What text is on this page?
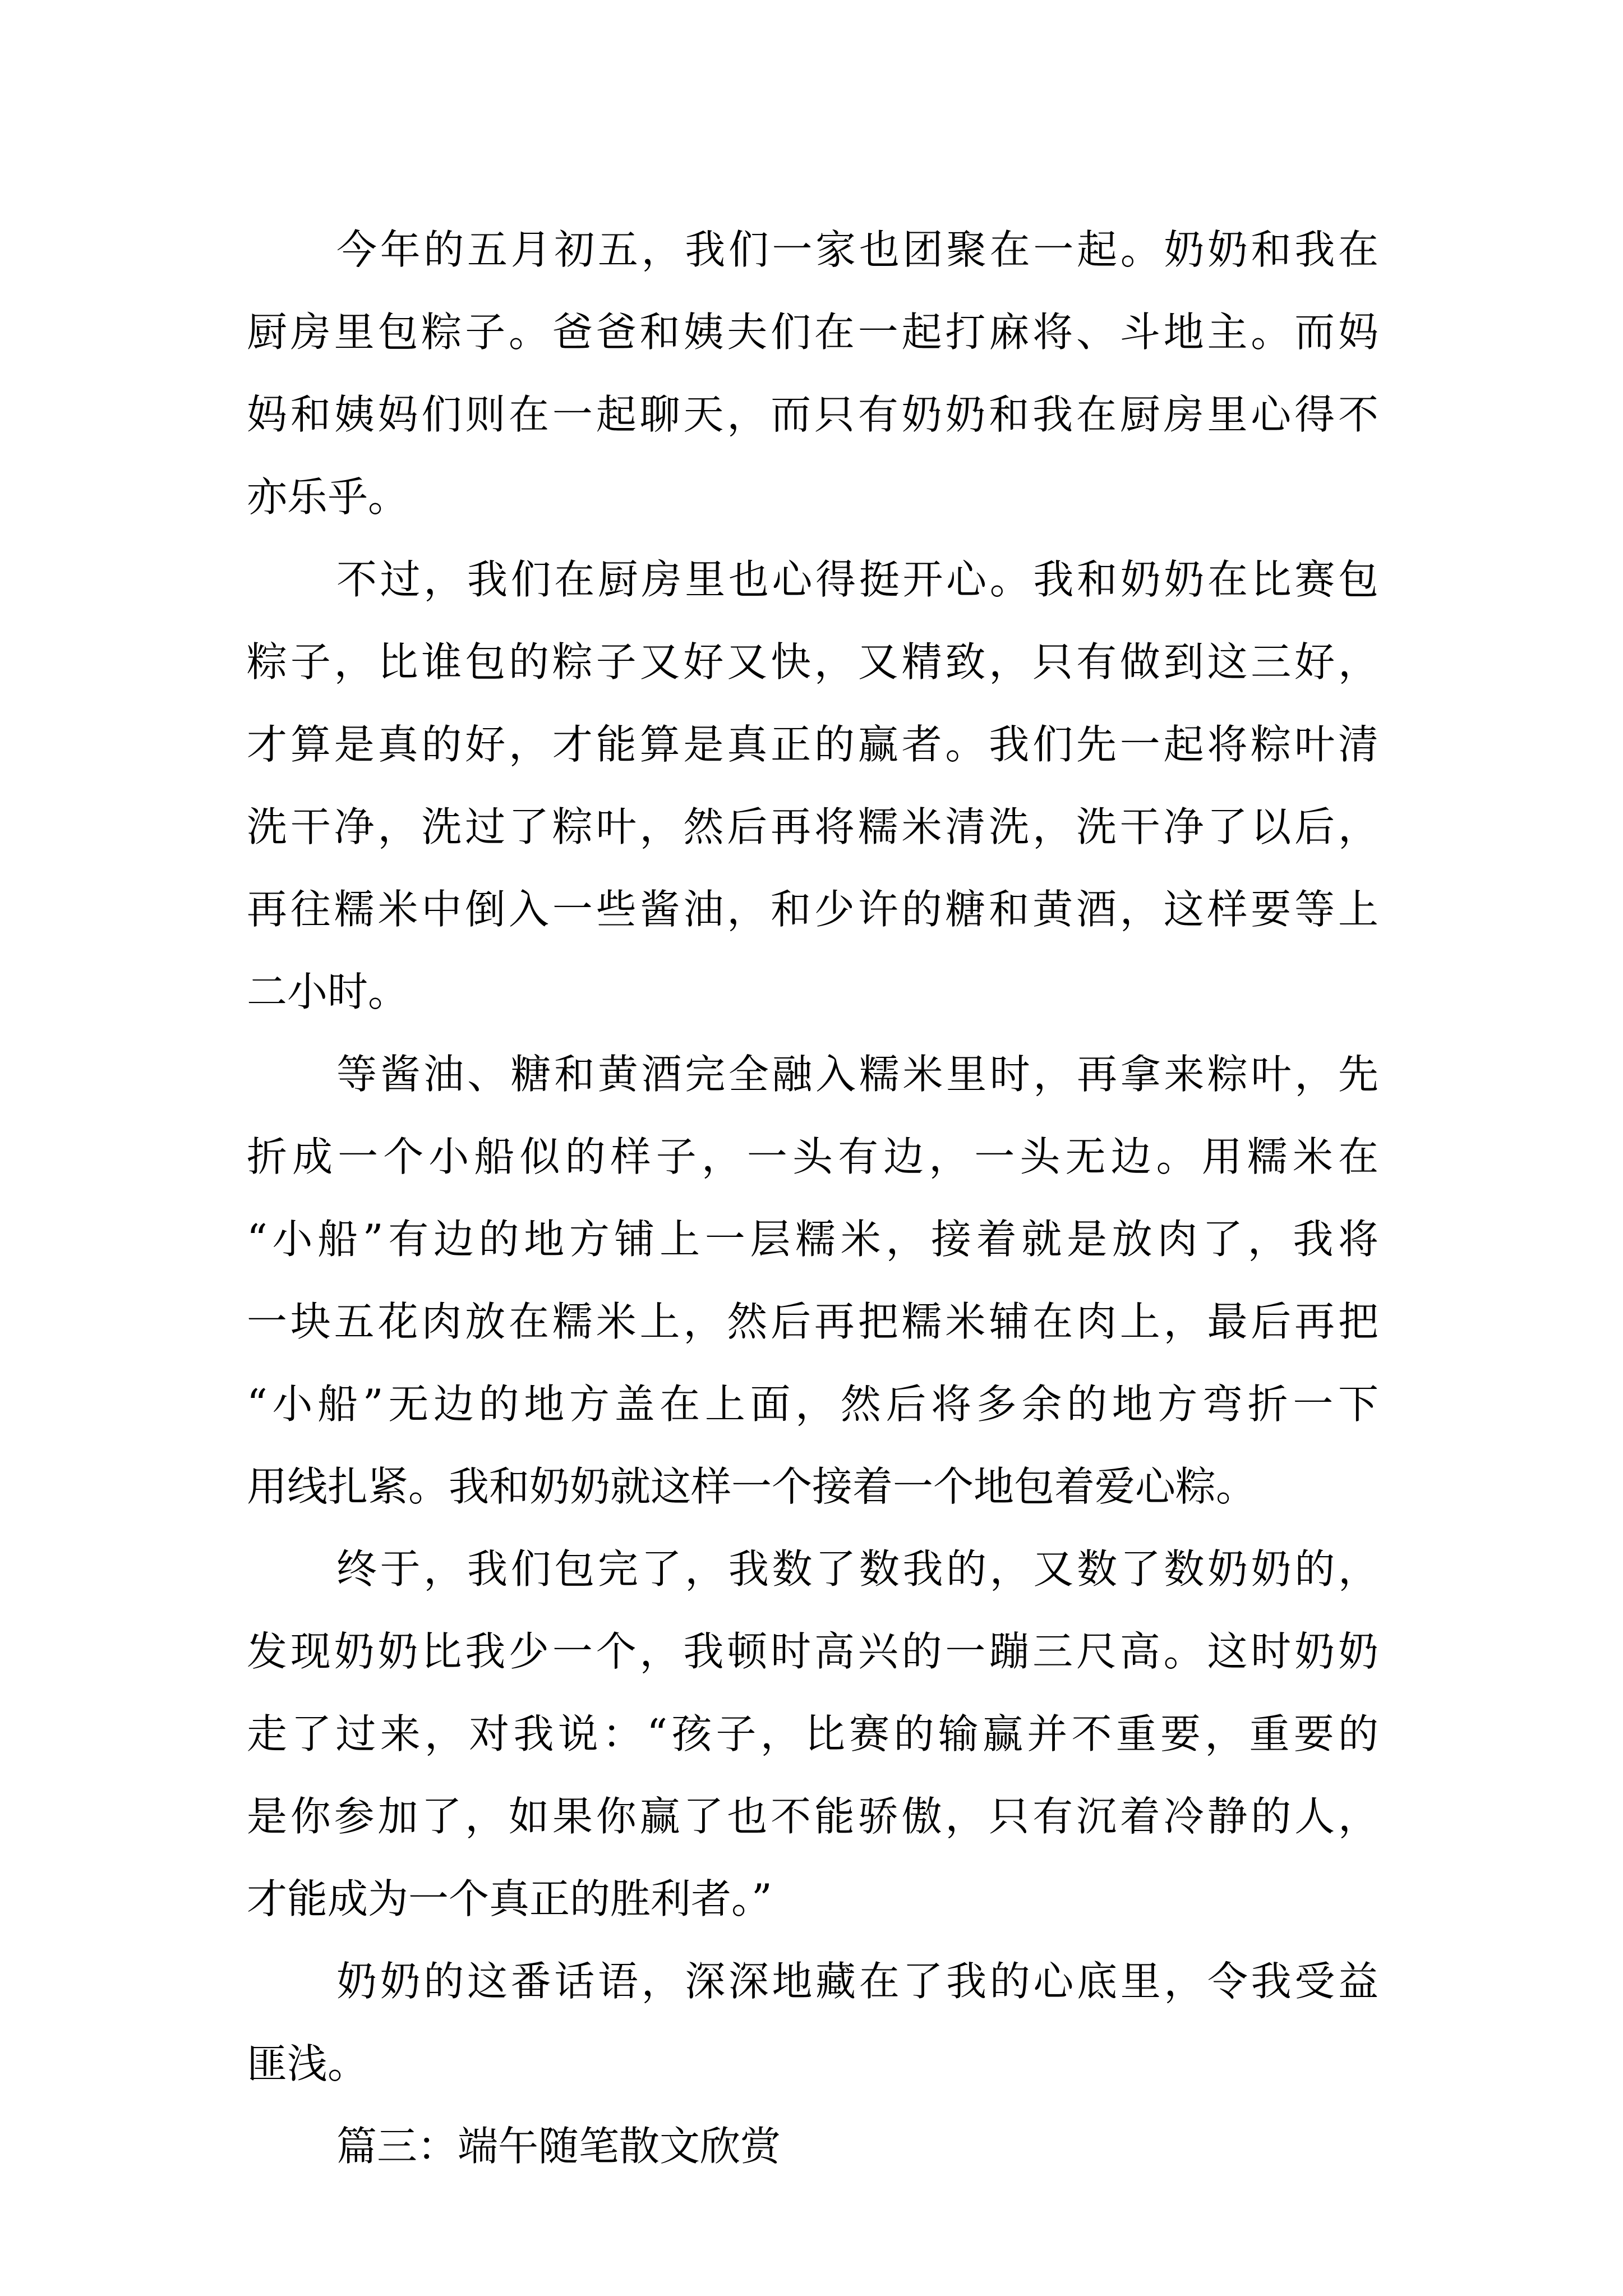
今年的五月初五，我们一家也团聚在一起。奶奶和我在
厨房里包粽子。爸爸和姨夫们在一起打麻将、斗地主。而妈
妈和姨妈们则在一起聊天，而只有奶奶和我在厨房里心得不
亦乐乎。
不过，我们在厨房里也心得挺开心。我和奶奶在比赛包
粽子，比谁包的粽子又好又快，又精致，只有做到这三好，
才算是真的好，才能算是真正的赢者。我们先一起将粽叶清
洗干净，洗过了粽叶，然后再将糯米清洗，洗干净了以后，
再往糯米中倒入一些酱油，和少许的糖和黄酒，这样要等上
二小时。
等酱油、糖和黄酒完全融入糯米里时，再拿来粽叶，先
折成一个小船似的样子，一头有边，一头无边。用糯米在
“小船”有边的地方铺上一层糯米，接着就是放肉了，我将
一块五花肉放在糯米上，然后再把糯米辅在肉上，最后再把
“小船”无边的地方盖在上面，然后将多余的地方弯折一下
用线扎紧。我和奶奶就这样一个接着一个地包着爱心粽。
终于，我们包完了，我数了数我的，又数了数奶奶的，
发现奶奶比我少一个，我顿时高兴的一蹦三尺高。这时奶奶
走了过来，对我说：“孩子，比赛的输赢并不重要，重要的
是你参加了，如果你赢了也不能骄傲，只有沉着冷静的人，
才能成为一个真正的胜利者。”
奶奶的这番话语，深深地藏在了我的心底里，令我受益
匪浅。
篇三：端午随笔散文欣赏
